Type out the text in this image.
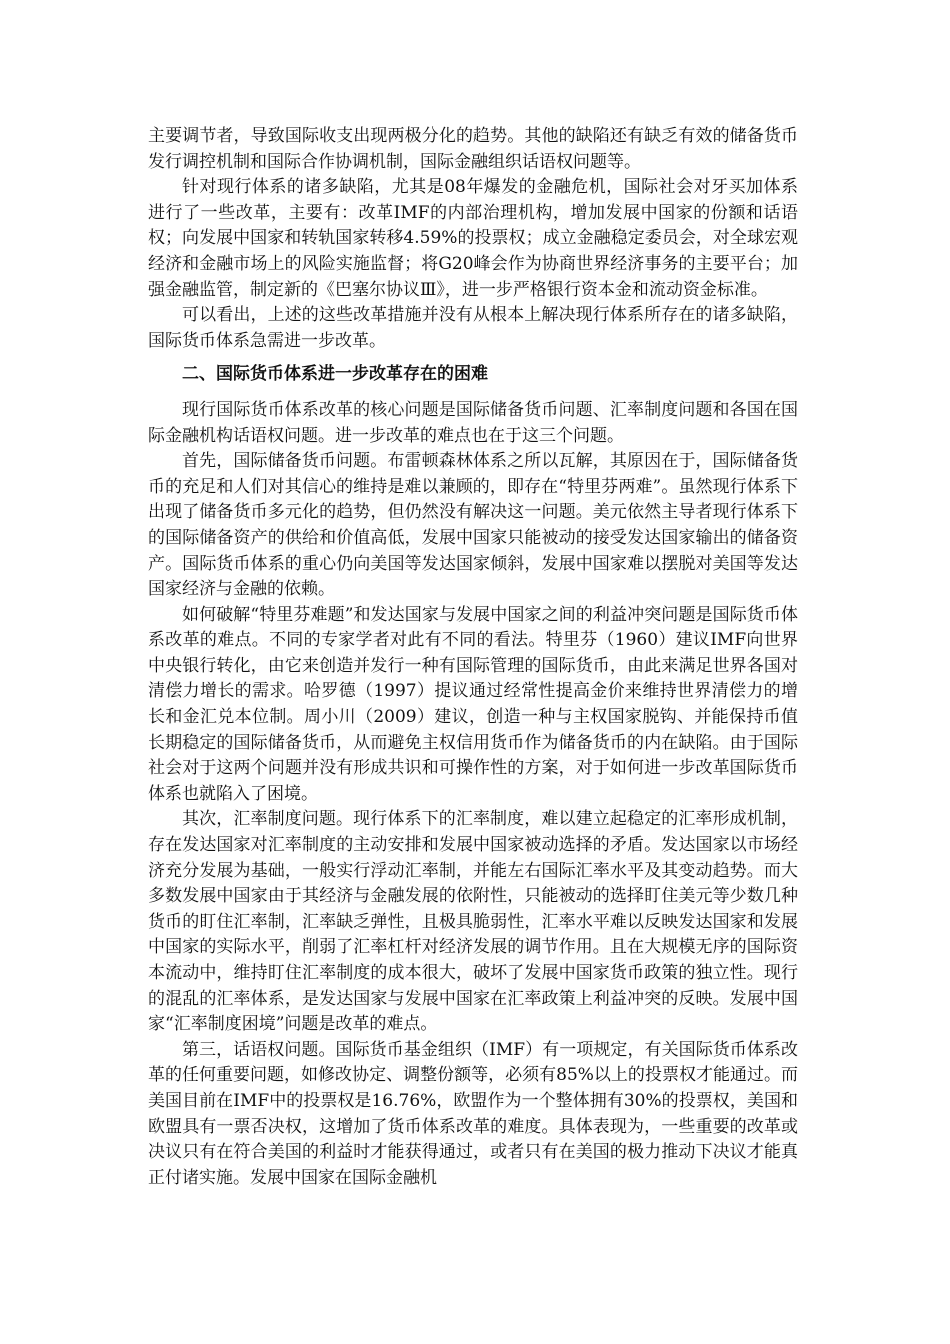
主要调节者，导致国际收支出现两极分化的趋势。其他的缺陷还有缺乏有效的储备货币发行调控机制和国际合作协调机制，国际金融组织话语权问题等。

针对现行体系的诸多缺陷，尤其是08年爆发的金融危机，国际社会对牙买加体系进行了一些改革，主要有：改革IMF的内部治理机构，增加发展中国家的份额和话语权；向发展中国家和转轨国家转移4.59%的投票权；成立金融稳定委员会，对全球宏观经济和金融市场上的风险实施监督；将G20峰会作为协商世界经济事务的主要平台；加强金融监管，制定新的《巴塞尔协议Ⅲ》，进一步严格银行资本金和流动资金标准。

可以看出，上述的这些改革措施并没有从根本上解决现行体系所存在的诸多缺陷，国际货币体系急需进一步改革。

二、国际货币体系进一步改革存在的困难

现行国际货币体系改革的核心问题是国际储备货币问题、汇率制度问题和各国在国际金融机构话语权问题。进一步改革的难点也在于这三个问题。

首先，国际储备货币问题。布雷顿森林体系之所以瓦解，其原因在于，国际储备货币的充足和人们对其信心的维持是难以兼顾的，即存在“特里芬两难”。虽然现行体系下出现了储备货币多元化的趋势，但仍然没有解决这一问题。美元依然主导者现行体系下的国际储备资产的供给和价值高低，发展中国家只能被动的接受发达国家输出的储备资产。国际货币体系的重心仍向美国等发达国家倾斜，发展中国家难以摆脱对美国等发达国家经济与金融的依赖。

如何破解“特里芬难题”和发达国家与发展中国家之间的利益冲突问题是国际货币体系改革的难点。不同的专家学者对此有不同的看法。特里芬（1960）建议IMF向世界中央银行转化，由它来创造并发行一种有国际管理的国际货币，由此来满足世界各国对清偿力增长的需求。哈罗德（1997）提议通过经常性提高金价来维持世界清偿力的增长和金汇兑本位制。周小川（2009）建议，创造一种与主权国家脱钩、并能保持币值长期稳定的国际储备货币，从而避免主权信用货币作为储备货币的内在缺陷。由于国际社会对于这两个问题并没有形成共识和可操作性的方案，对于如何进一步改革国际货币体系也就陷入了困境。

其次，汇率制度问题。现行体系下的汇率制度，难以建立起稳定的汇率形成机制，存在发达国家对汇率制度的主动安排和发展中国家被动选择的矛盾。发达国家以市场经济充分发展为基础，一般实行浮动汇率制，并能左右国际汇率水平及其变动趋势。而大多数发展中国家由于其经济与金融发展的依附性，只能被动的选择盯住美元等少数几种货币的盯住汇率制，汇率缺乏弹性，且极具脆弱性，汇率水平难以反映发达国家和发展中国家的实际水平，削弱了汇率杠杆对经济发展的调节作用。且在大规模无序的国际资本流动中，维持盯住汇率制度的成本很大，破坏了发展中国家货币政策的独立性。现行的混乱的汇率体系，是发达国家与发展中国家在汇率政策上利益冲突的反映。发展中国家“汇率制度困境”问题是改革的难点。

第三，话语权问题。国际货币基金组织（IMF）有一项规定，有关国际货币体系改革的任何重要问题，如修改协定、调整份额等，必须有85%以上的投票权才能通过。而美国目前在IMF中的投票权是16.76%，欧盟作为一个整体拥有30%的投票权，美国和欧盟具有一票否决权，这增加了货币体系改革的难度。具体表现为，一些重要的改革或决议只有在符合美国的利益时才能获得通过，或者只有在美国的极力推动下决议才能真正付诸实施。发展中国家在国际金融机
